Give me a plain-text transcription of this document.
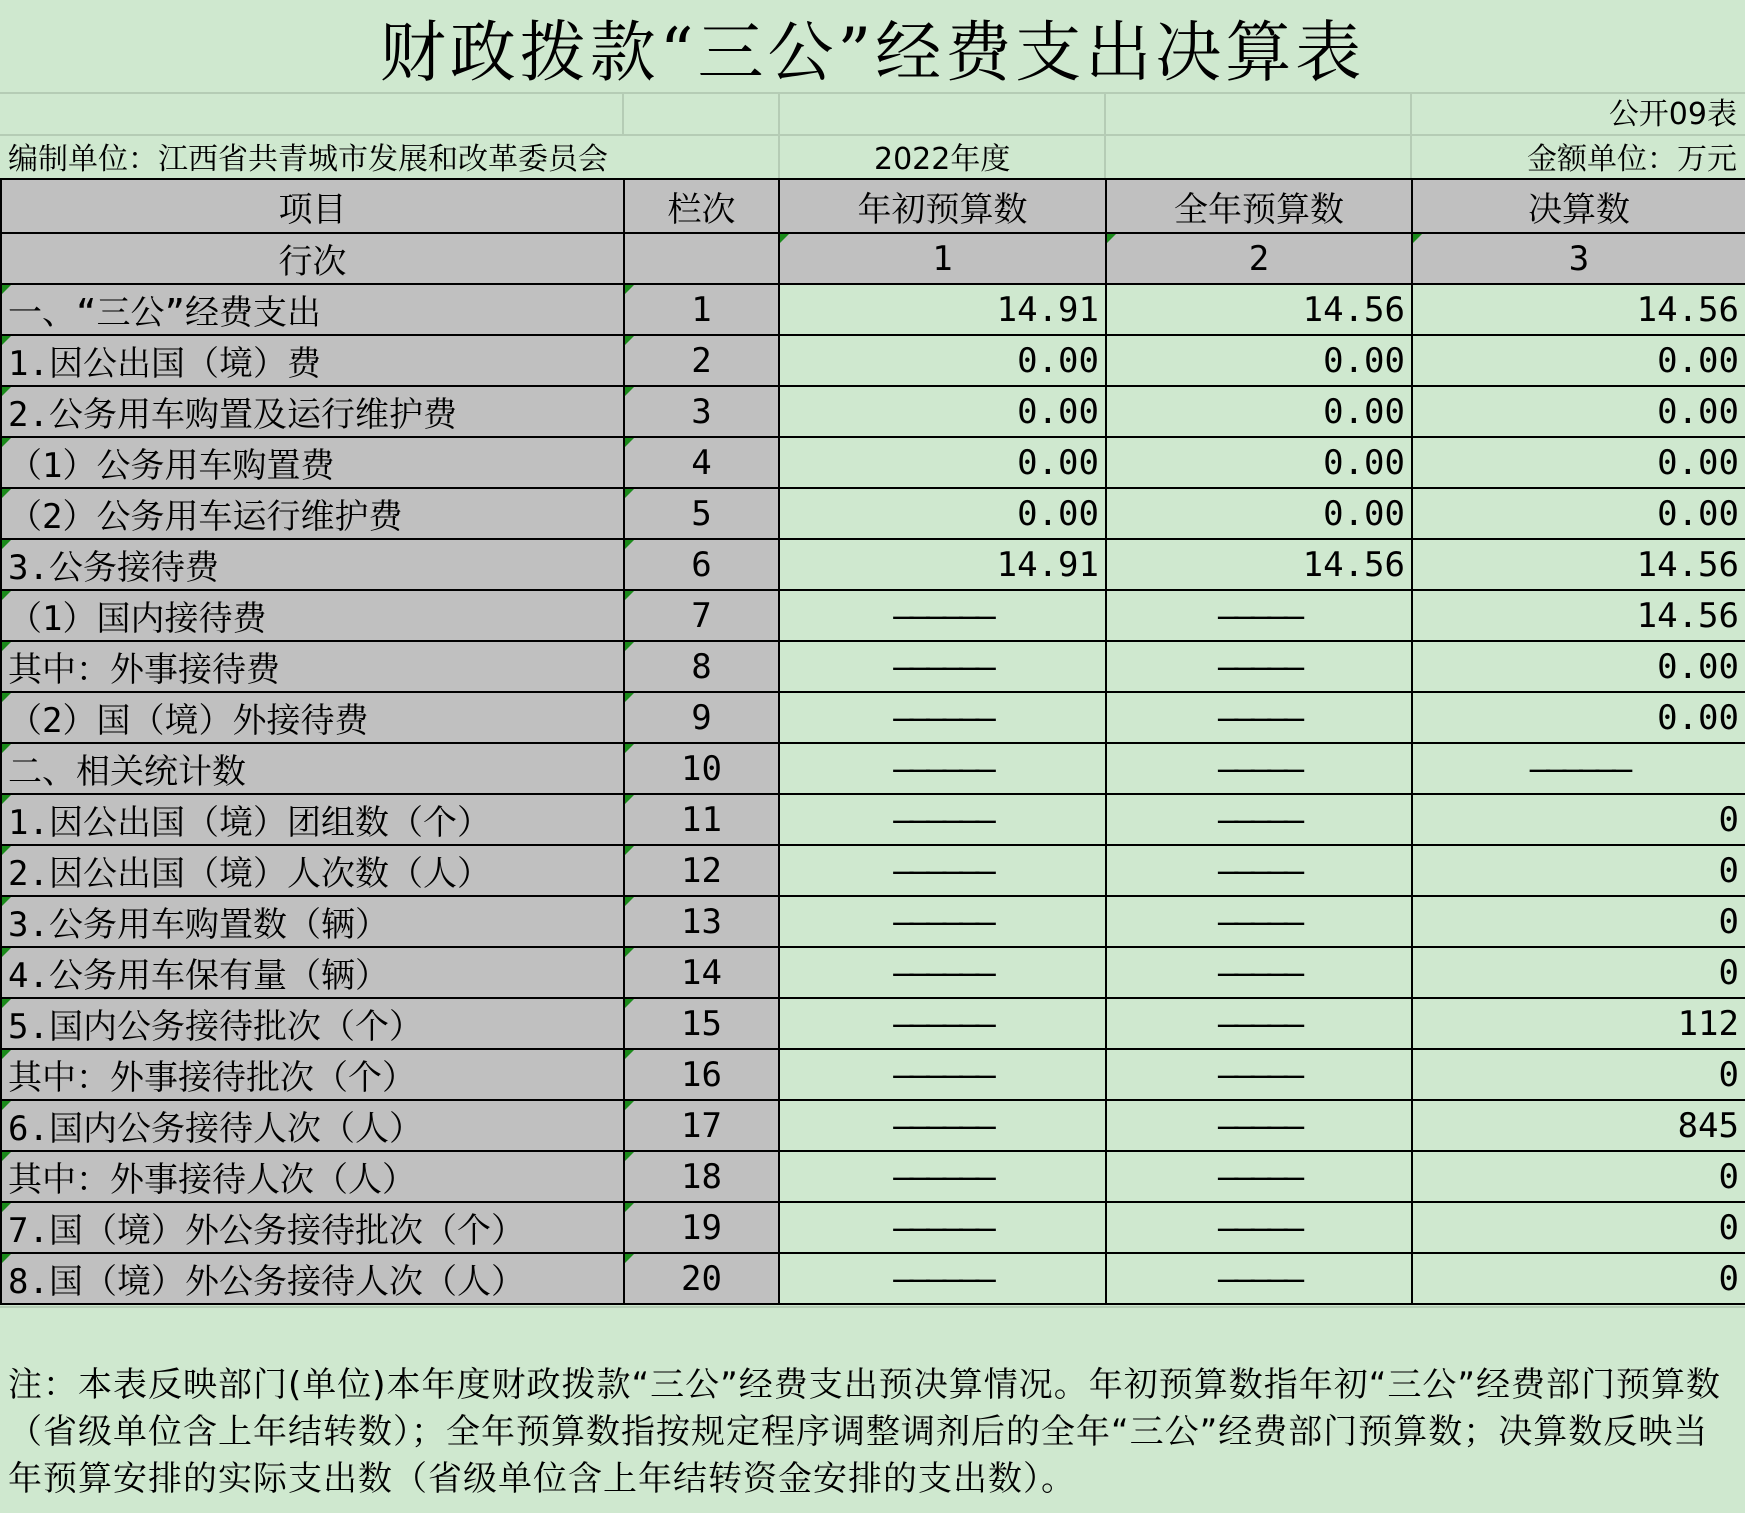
财政拨款“三公”经费支出决算表
公开09表
编制单位：江西省共青城市发展和改革委员会	2022年度	金额单位：万元
项目	栏次	年初预算数	全年预算数	决算数
行次		1	2	3
一、“三公”经费支出	1	14.91	14.56	14.56
1.因公出国（境）费	2	0.00	0.00	0.00
2.公务用车购置及运行维护费	3	0.00	0.00	0.00
（1）公务用车购置费	4	0.00	0.00	0.00
（2）公务用车运行维护费	5	0.00	0.00	0.00
3.公务接待费	6	14.91	14.56	14.56
（1）国内接待费	7	——————	—————	14.56
其中：外事接待费	8	——————	—————	0.00
（2）国（境）外接待费	9	——————	—————	0.00
二、相关统计数	10	——————	—————	——————
1.因公出国（境）团组数（个）	11	——————	—————	0
2.因公出国（境）人次数（人）	12	——————	—————	0
3.公务用车购置数（辆）	13	——————	—————	0
4.公务用车保有量（辆）	14	——————	—————	0
5.国内公务接待批次（个）	15	——————	—————	112
其中：外事接待批次（个）	16	——————	—————	0
6.国内公务接待人次（人）	17	——————	—————	845
其中：外事接待人次（人）	18	——————	—————	0
7.国（境）外公务接待批次（个）	19	——————	—————	0
8.国（境）外公务接待人次（人）	20	——————	—————	0
注：本表反映部门(单位)本年度财政拨款“三公”经费支出预决算情况。年初预算数指年初“三公”经费部门预算数（省级单位含上年结转数）；全年预算数指按规定程序调整调剂后的全年“三公”经费部门预算数；决算数反映当年预算安排的实际支出数（省级单位含上年结转资金安排的支出数）。
